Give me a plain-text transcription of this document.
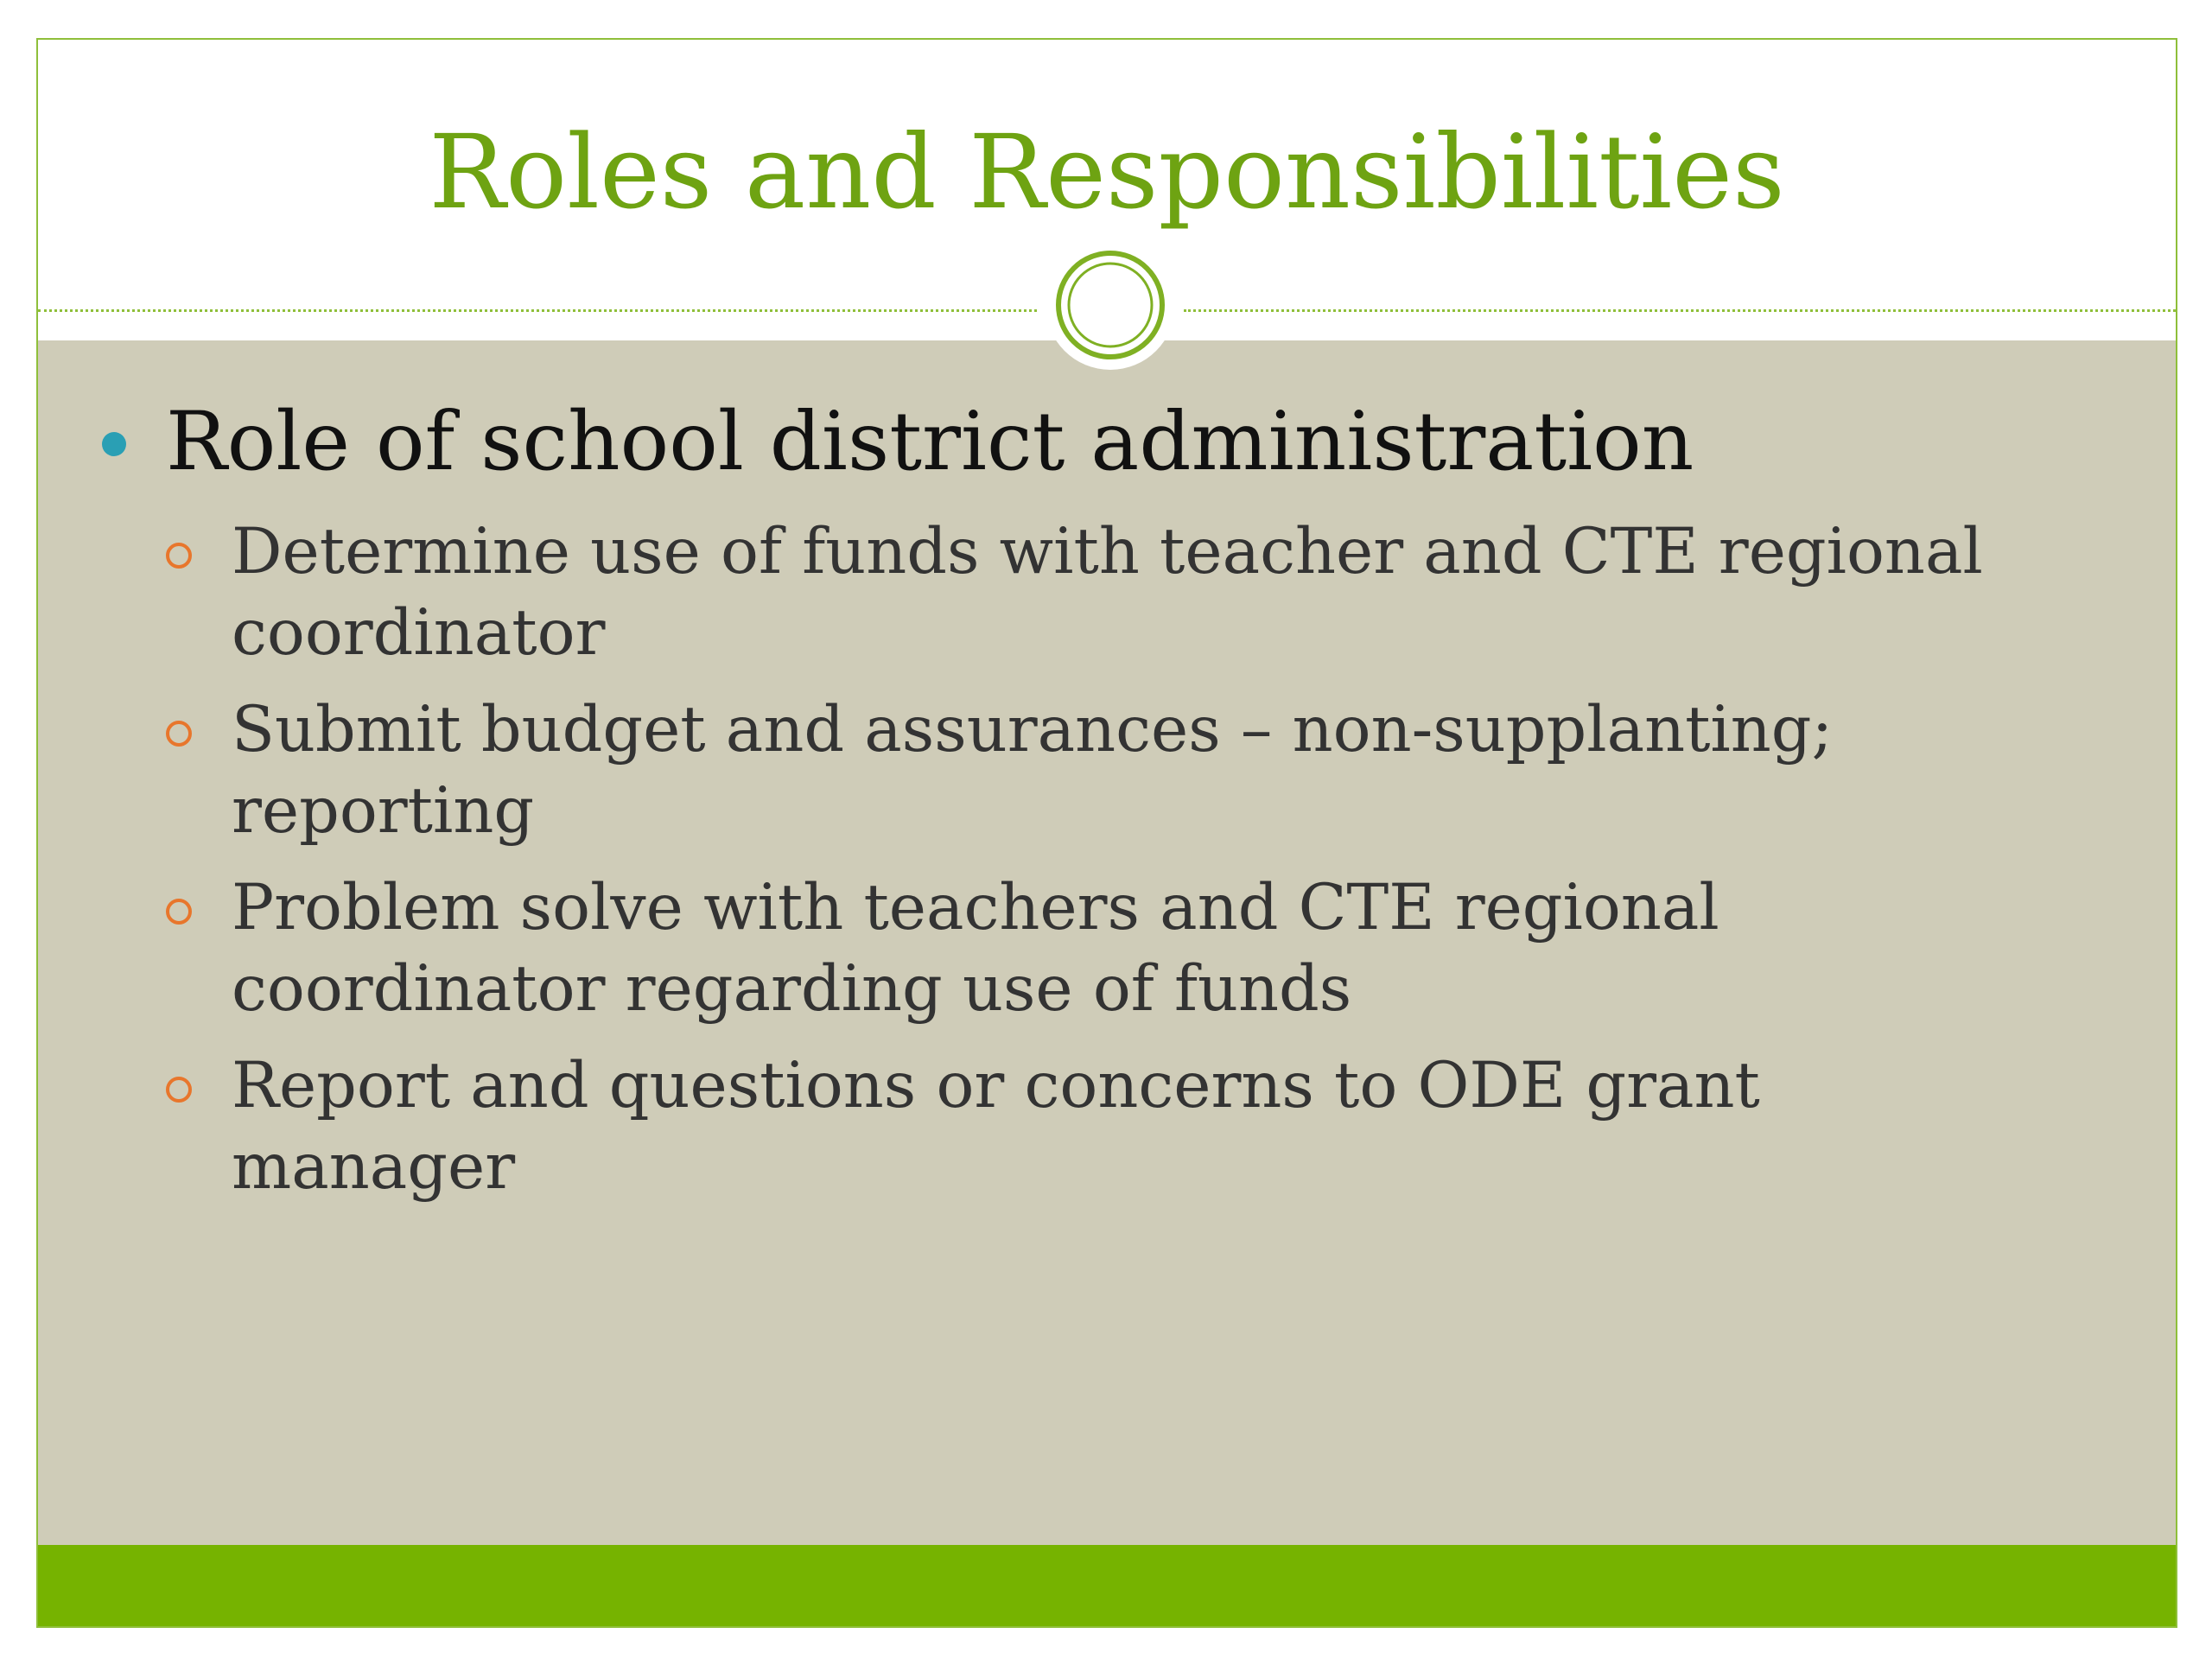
Roles and Responsibilities
Role of school district administration
Determine use of funds with teacher and CTE regional coordinator
Submit budget and assurances – non-supplanting; reporting
Problem solve with teachers and CTE regional coordinator regarding use of funds
Report and questions or concerns to ODE grant manager
